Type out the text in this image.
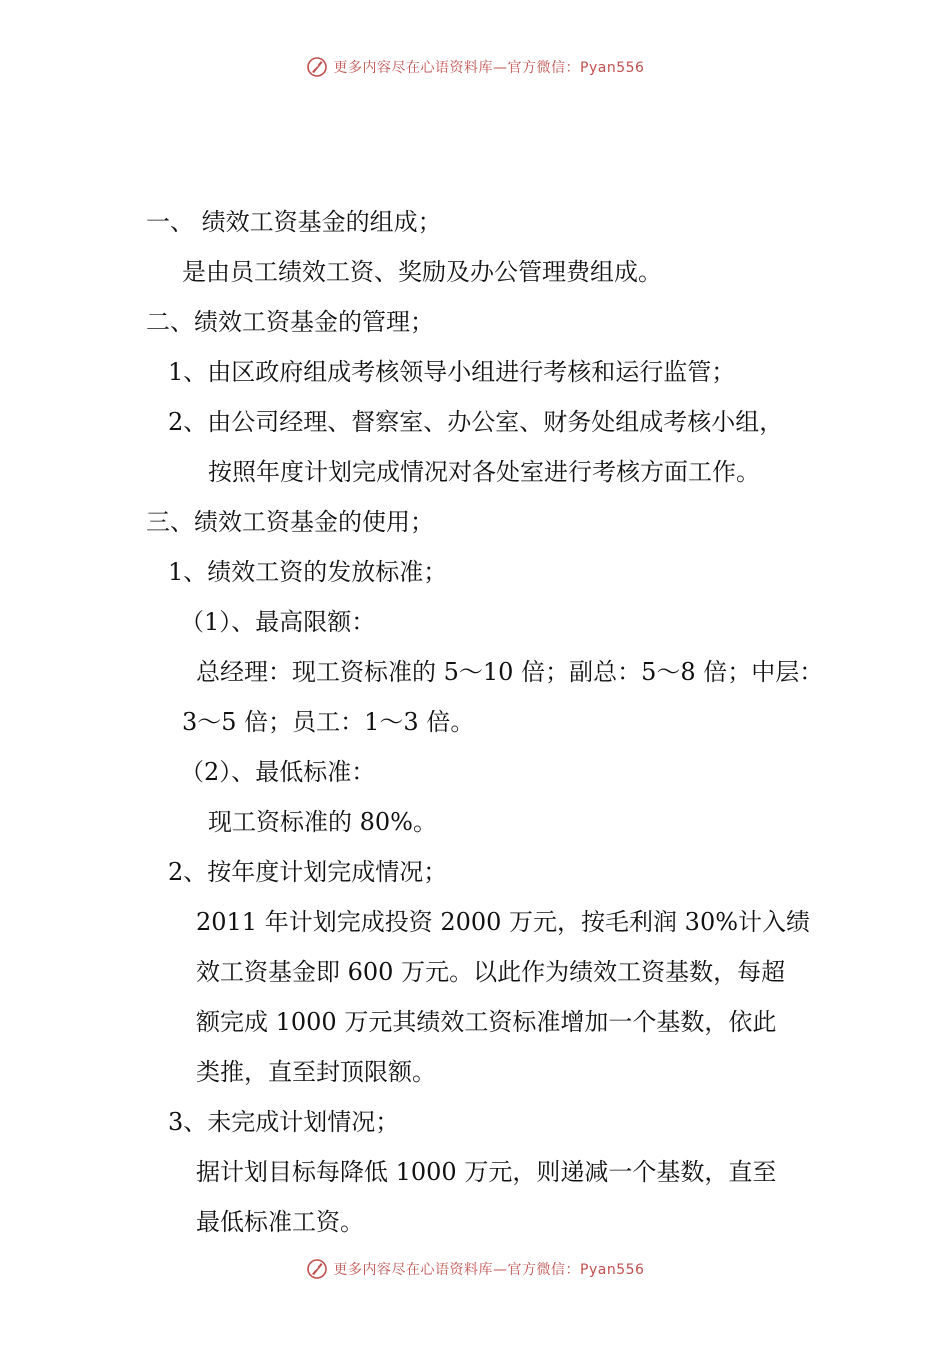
更多内容尽在心语资料库—官方微信：Pyan556
一、 绩效工资基金的组成；
是由员工绩效工资、奖励及办公管理费组成。
二、绩效工资基金的管理；
1、由区政府组成考核领导小组进行考核和运行监管；
2、由公司经理、督察室、办公室、财务处组成考核小组，
按照年度计划完成情况对各处室进行考核方面工作。
三、绩效工资基金的使用；
1、绩效工资的发放标准；
（1）、最高限额：
总经理：现工资标准的 5～10 倍；副总：5～8 倍；中层：
3～5 倍；员工：1～3 倍。
（2）、最低标准：
现工资标准的 80%。
2、按年度计划完成情况；
2011 年计划完成投资 2000 万元，按毛利润 30%计入绩
效工资基金即 600 万元。以此作为绩效工资基数，每超
额完成 1000 万元其绩效工资标准增加一个基数，依此
类推，直至封顶限额。
3、未完成计划情况；
据计划目标每降低 1000 万元，则递减一个基数，直至
最低标准工资。
更多内容尽在心语资料库—官方微信：Pyan556
